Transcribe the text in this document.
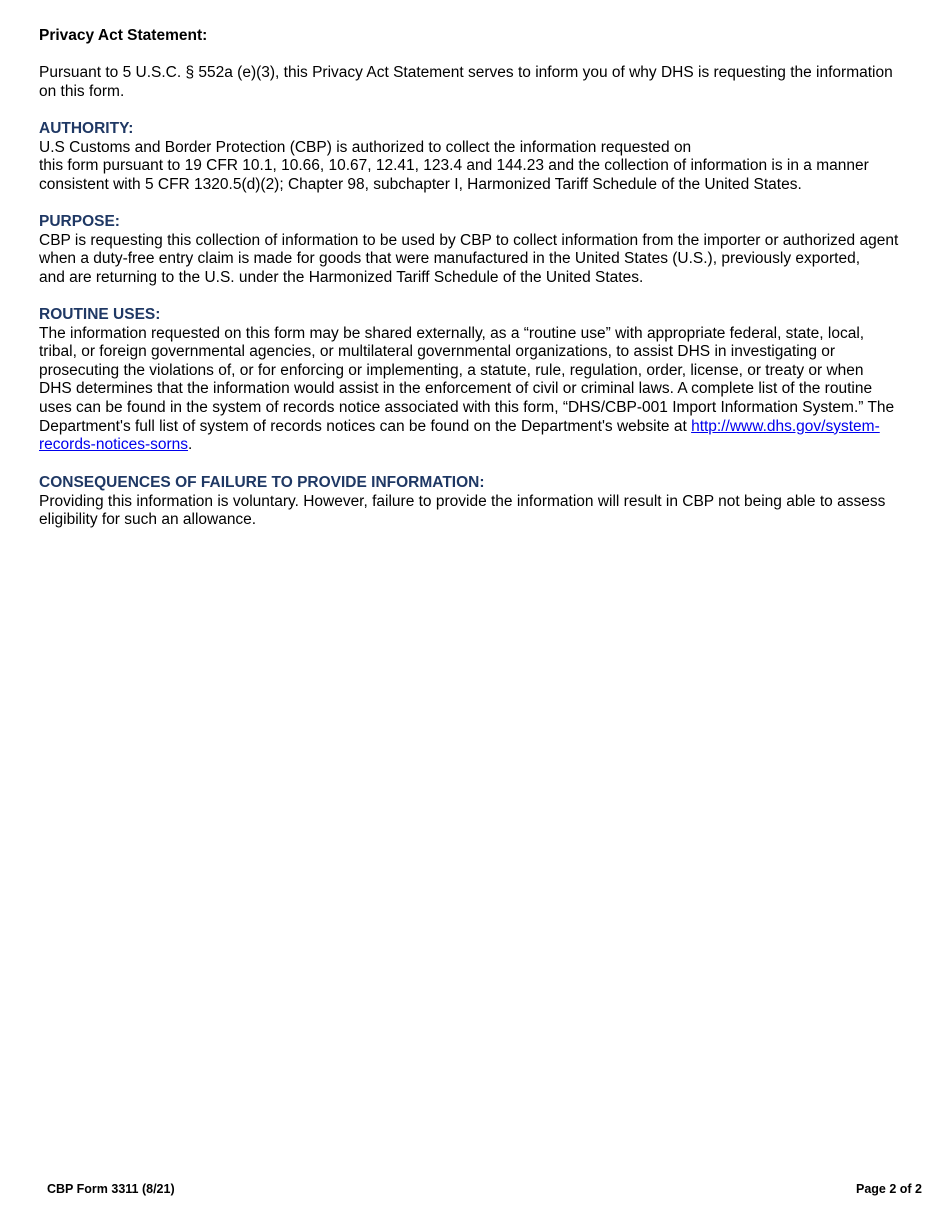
Privacy Act Statement:
Pursuant to 5 U.S.C. § 552a (e)(3), this Privacy Act Statement serves to inform you of why DHS is requesting the information
on this form.
AUTHORITY:
U.S Customs and Border Protection (CBP) is authorized to collect the information requested on
this form pursuant to 19 CFR 10.1, 10.66, 10.67, 12.41, 123.4 and 144.23 and the collection of information is in a manner
consistent with 5 CFR 1320.5(d)(2); Chapter 98, subchapter I, Harmonized Tariff Schedule of the United States.
PURPOSE:
CBP is requesting this collection of information to be used by CBP to collect information from the importer or authorized agent
when a duty-free entry claim is made for goods that were manufactured in the United States (U.S.), previously exported,
and are returning to the U.S. under the Harmonized Tariff Schedule of the United States.
ROUTINE USES:
The information requested on this form may be shared externally, as a “routine use” with appropriate federal, state, local,
tribal, or foreign governmental agencies, or multilateral governmental organizations, to assist DHS in investigating or
prosecuting the violations of, or for enforcing or implementing, a statute, rule, regulation, order, license, or treaty or when
DHS determines that the information would assist in the enforcement of civil or criminal laws. A complete list of the routine
uses can be found in the system of records notice associated with this form, “DHS/CBP-001 Import Information System.” The
Department's full list of system of records notices can be found on the Department's website at http://www.dhs.gov/system-
records-notices-sorns.
CONSEQUENCES OF FAILURE TO PROVIDE INFORMATION:
Providing this information is voluntary. However, failure to provide the information will result in CBP not being able to assess
eligibility for such an allowance.
CBP Form 3311 (8/21)	Page 2 of 2
